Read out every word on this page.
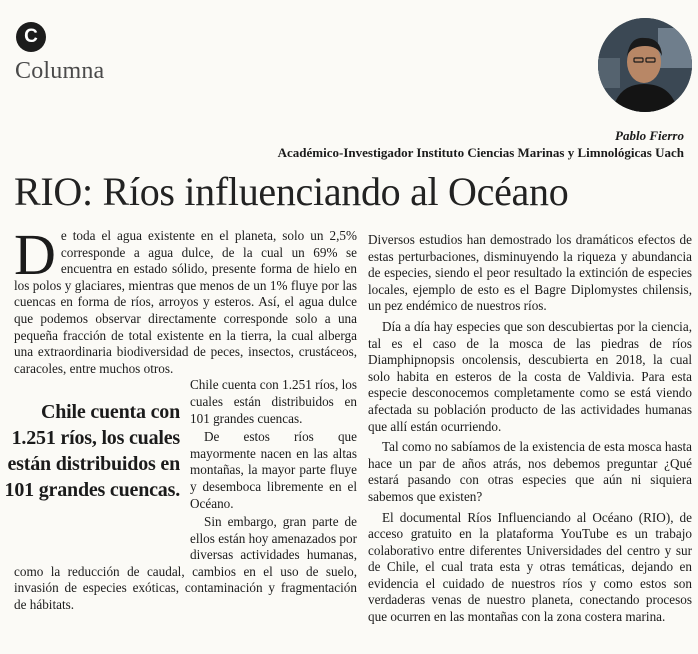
C
Columna
Pablo Fierro
Académico-Investigador Instituto Ciencias Marinas y Limnológicas Uach
RIO: Ríos influenciando al Océano
D e toda el agua existente en el planeta, solo un 2,5% corresponde a agua dulce, de la cual un 69% se encuentra en estado sólido, presente forma de hielo en los polos y glaciares, mientras que menos de un 1% fluye por las cuencas en forma de ríos, arroyos y esteros. Así, el agua dulce que podemos observar directamente corresponde solo a una pequeña fracción de total existente en la tierra, la cual alberga una extraordinaria biodiversidad de peces, insectos, crustáceos, caracoles, entre muchos otros.

Chile cuenta con 1.251 ríos, los cuales están distribuidos en 101 grandes cuencas.

Chile cuenta con 1.251 ríos, los cuales están distribuidos en 101 grandes cuencas.

De estos ríos que mayormente nacen en las altas montañas, la mayor parte fluye y desemboca libremente en el Océano.

Sin embargo, gran parte de ellos están hoy amenazados por diversas actividades humanas, como la reducción de caudal, cambios en el uso de suelo, invasión de especies exóticas, contaminación y fragmentación de hábitats.

Diversos estudios han demostrado los dramáticos efectos de estas perturbaciones, disminuyendo la riqueza y abundancia de especies, siendo el peor resultado la extinción de especies locales, ejemplo de esto es el Bagre Diplomystes chilensis, un pez endémico de nuestros ríos.

Día a día hay especies que son descubiertas por la ciencia, tal es el caso de la mosca de las piedras de ríos Diamphipnopsis oncolensis, descubierta en 2018, la cual solo habita en esteros de la costa de Valdivia. Para esta especie desconocemos completamente como se está viendo afectada su población producto de las actividades humanas que allí están ocurriendo.

Tal como no sabíamos de la existencia de esta mosca hasta hace un par de años atrás, nos debemos preguntar ¿Qué estará pasando con otras especies que aún ni siquiera sabemos que existen?

El documental Ríos Influenciando al Océano (RIO), de acceso gratuito en la plataforma YouTube es un trabajo colaborativo entre diferentes Universidades del centro y sur de Chile, el cual trata esta y otras temáticas, dejando en evidencia el cuidado de nuestros ríos y como estos son verdaderas venas de nuestro planeta, conectando procesos que ocurren en las montañas con la zona costera marina.
